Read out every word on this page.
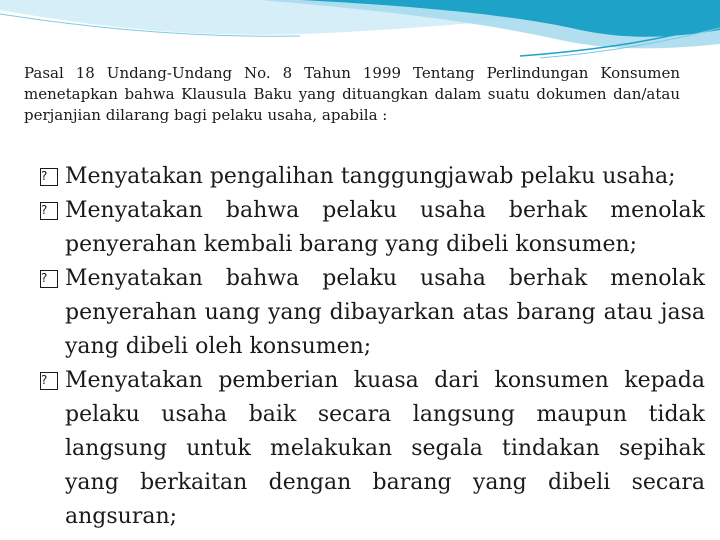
Pasal 18 Undang-Undang No. 8 Tahun 1999 Tentang Perlindungan Konsumen menetapkan bahwa Klausula Baku yang dituangkan dalam suatu dokumen dan/atau perjanjian dilarang bagi pelaku usaha, apabila :

? Menyatakan pengalihan tanggungjawab pelaku usaha;
? Menyatakan bahwa pelaku usaha berhak menolak penyerahan kembali barang yang dibeli konsumen;
? Menyatakan bahwa pelaku usaha berhak menolak penyerahan uang yang dibayarkan atas barang atau jasa yang dibeli oleh konsumen;
? Menyatakan pemberian kuasa dari konsumen kepada pelaku usaha baik secara langsung maupun tidak langsung untuk melakukan segala tindakan sepihak yang berkaitan dengan barang yang dibeli secara angsuran;
